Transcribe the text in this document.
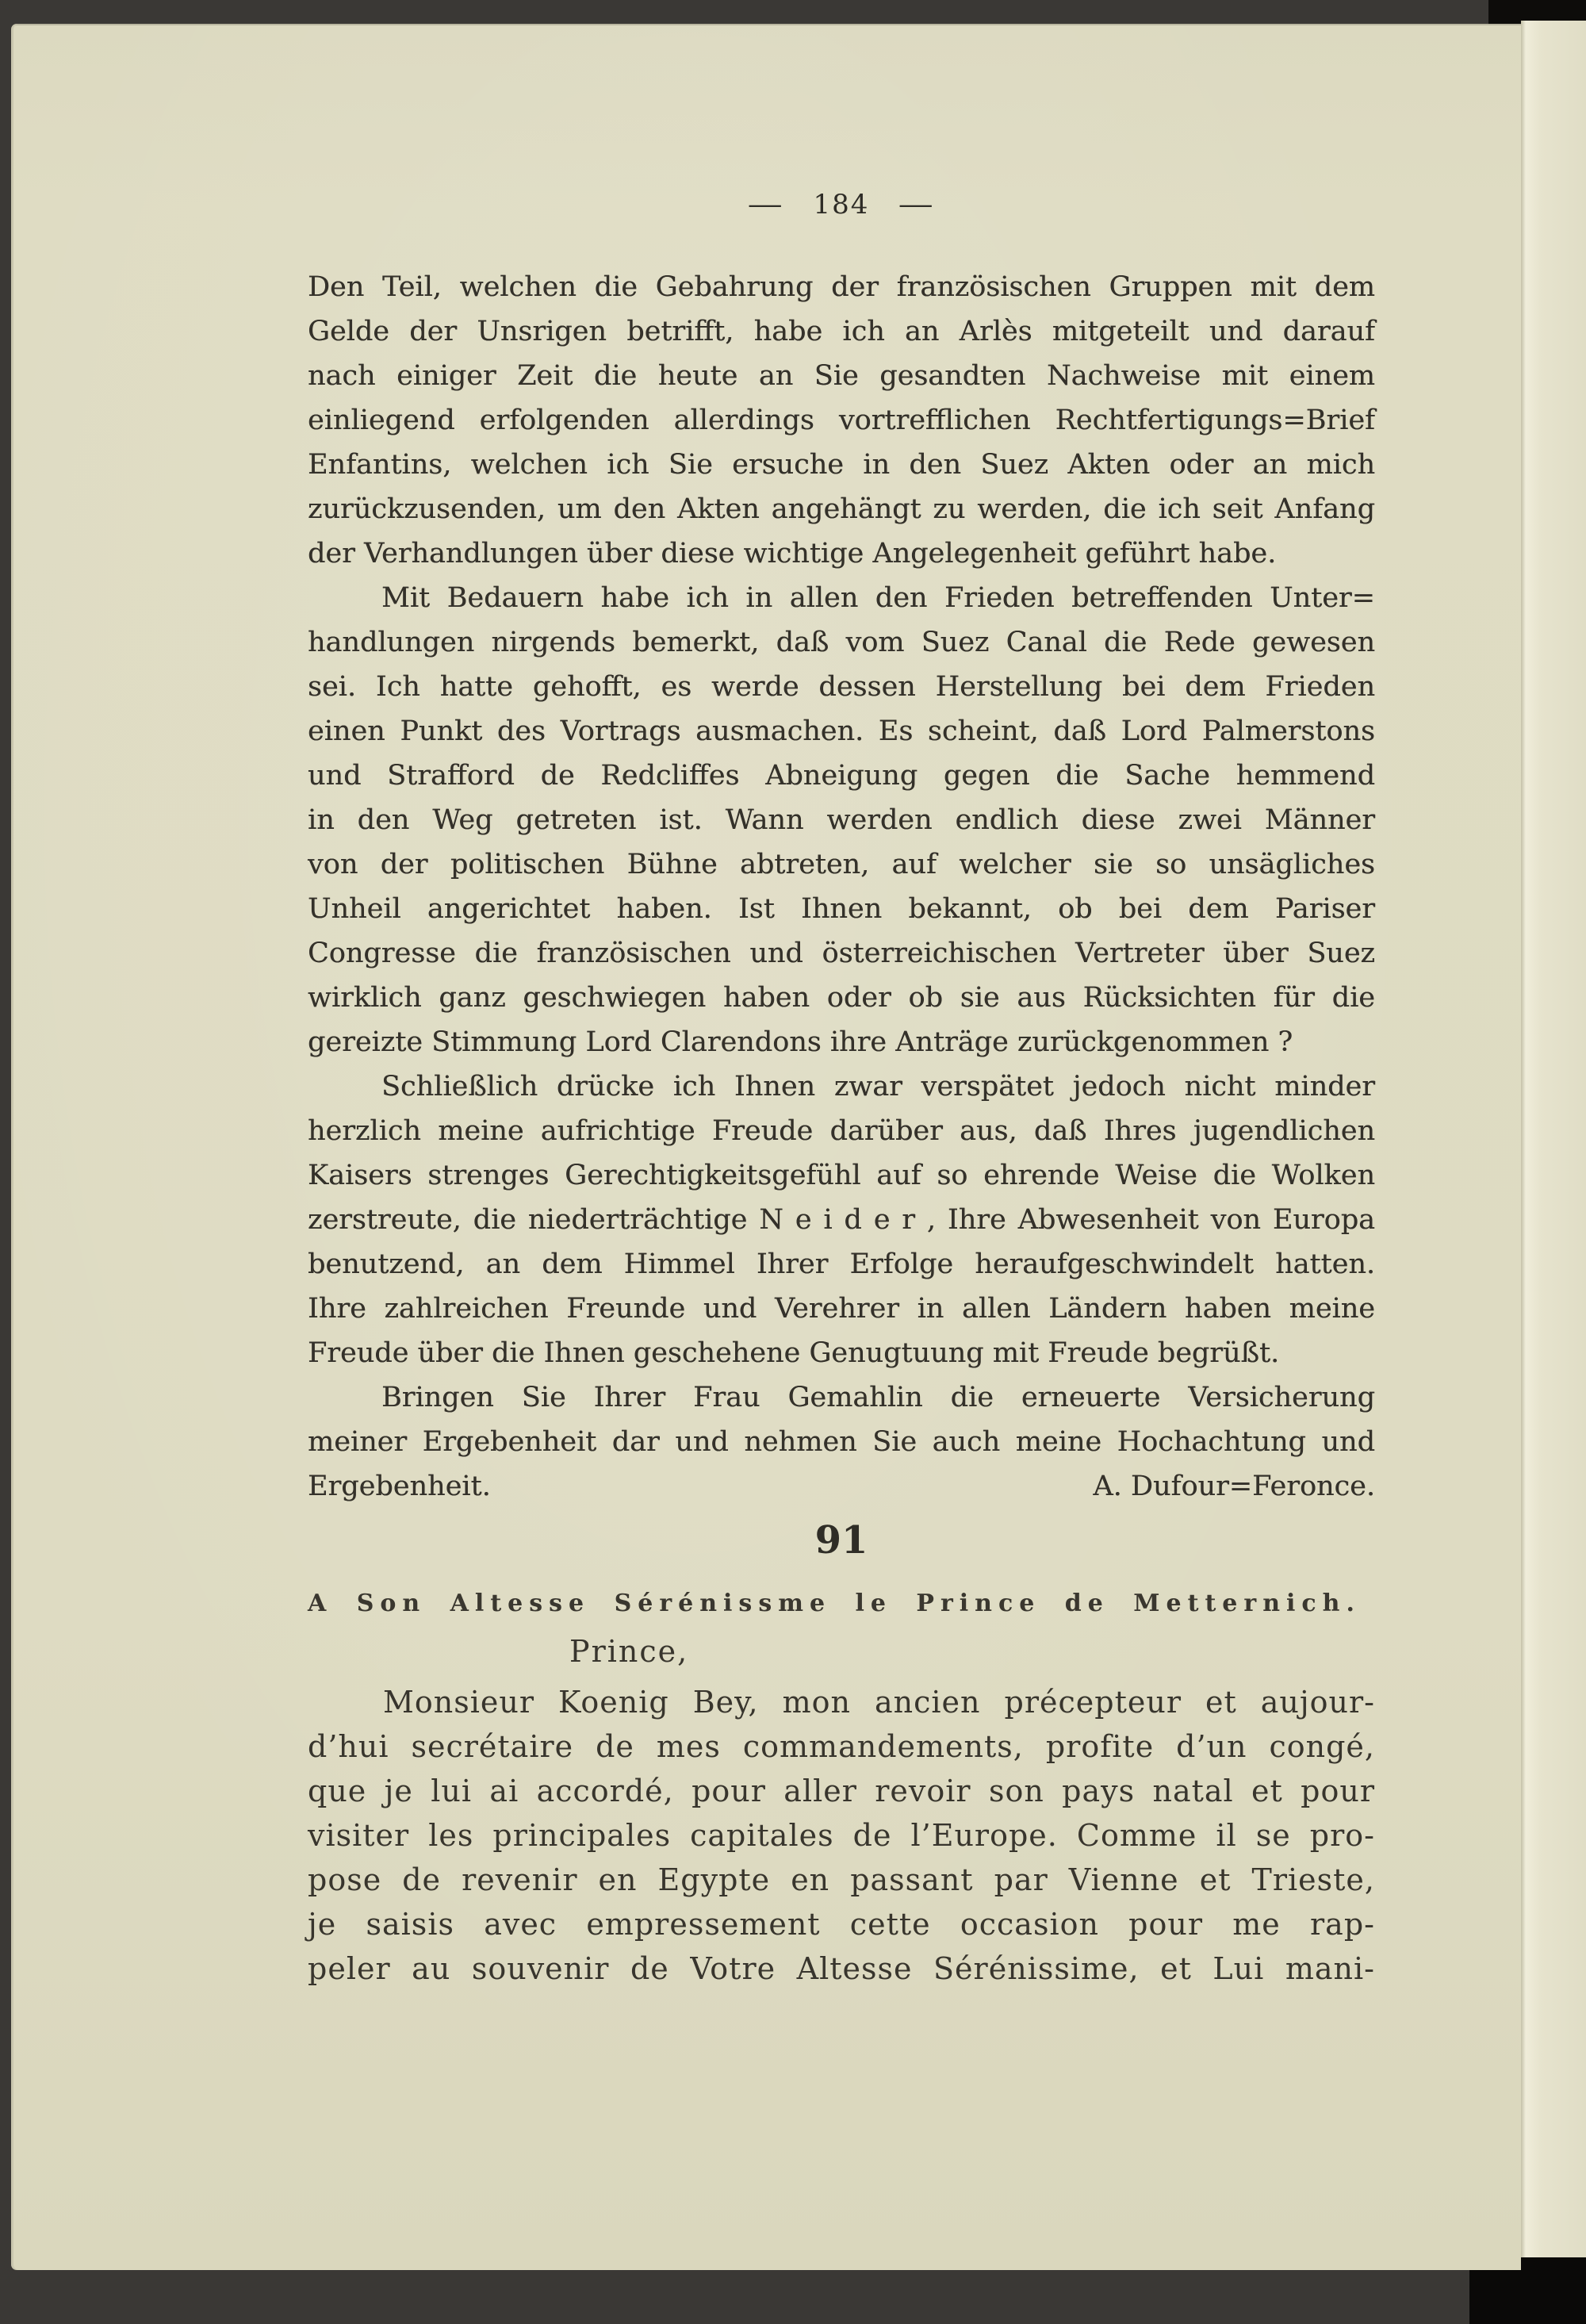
— 184 —
Den Teil, welchen die Gebahrung der französischen Gruppen mit dem
Gelde der Unsrigen betrifft, habe ich an Arlès mitgeteilt und darauf
nach einiger Zeit die heute an Sie gesandten Nachweise mit einem
einliegend erfolgenden allerdings vortrefflichen Rechtfertigungs=Brief
Enfantins, welchen ich Sie ersuche in den Suez Akten oder an mich
zurückzusenden, um den Akten angehängt zu werden, die ich seit Anfang
der Verhandlungen über diese wichtige Angelegenheit geführt habe.
Mit Bedauern habe ich in allen den Frieden betreffenden Unter=
handlungen nirgends bemerkt, daß vom Suez Canal die Rede gewesen
sei. Ich hatte gehofft, es werde dessen Herstellung bei dem Frieden
einen Punkt des Vortrags ausmachen. Es scheint, daß Lord Palmerstons
und Strafford de Redcliffes Abneigung gegen die Sache hemmend
in den Weg getreten ist. Wann werden endlich diese zwei Männer
von der politischen Bühne abtreten, auf welcher sie so unsägliches
Unheil angerichtet haben. Ist Ihnen bekannt, ob bei dem Pariser
Congresse die französischen und österreichischen Vertreter über Suez
wirklich ganz geschwiegen haben oder ob sie aus Rücksichten für die
gereizte Stimmung Lord Clarendons ihre Anträge zurückgenommen ?
Schließlich drücke ich Ihnen zwar verspätet jedoch nicht minder
herzlich meine aufrichtige Freude darüber aus, daß Ihres jugendlichen
Kaisers strenges Gerechtigkeitsgefühl auf so ehrende Weise die Wolken
zerstreute, die niederträchtige N e i d e r , Ihre Abwesenheit von Europa
benutzend, an dem Himmel Ihrer Erfolge heraufgeschwindelt hatten.
Ihre zahlreichen Freunde und Verehrer in allen Ländern haben meine
Freude über die Ihnen geschehene Genugtuung mit Freude begrüßt.
Bringen Sie Ihrer Frau Gemahlin die erneuerte Versicherung
meiner Ergebenheit dar und nehmen Sie auch meine Hochachtung und
Ergebenheit.	A. Dufour=Feronce.
91
A Son Altesse Sérénissme le Prince de Metternich.
Prince,
Monsieur Koenig Bey, mon ancien précepteur et aujour-
d’hui secrétaire de mes commandements, profite d’un congé,
que je lui ai accordé, pour aller revoir son pays natal et pour
visiter les principales capitales de l’Europe. Comme il se pro-
pose de revenir en Egypte en passant par Vienne et Trieste,
je saisis avec empressement cette occasion pour me rap-
peler au souvenir de Votre Altesse Sérénissime, et Lui mani-
